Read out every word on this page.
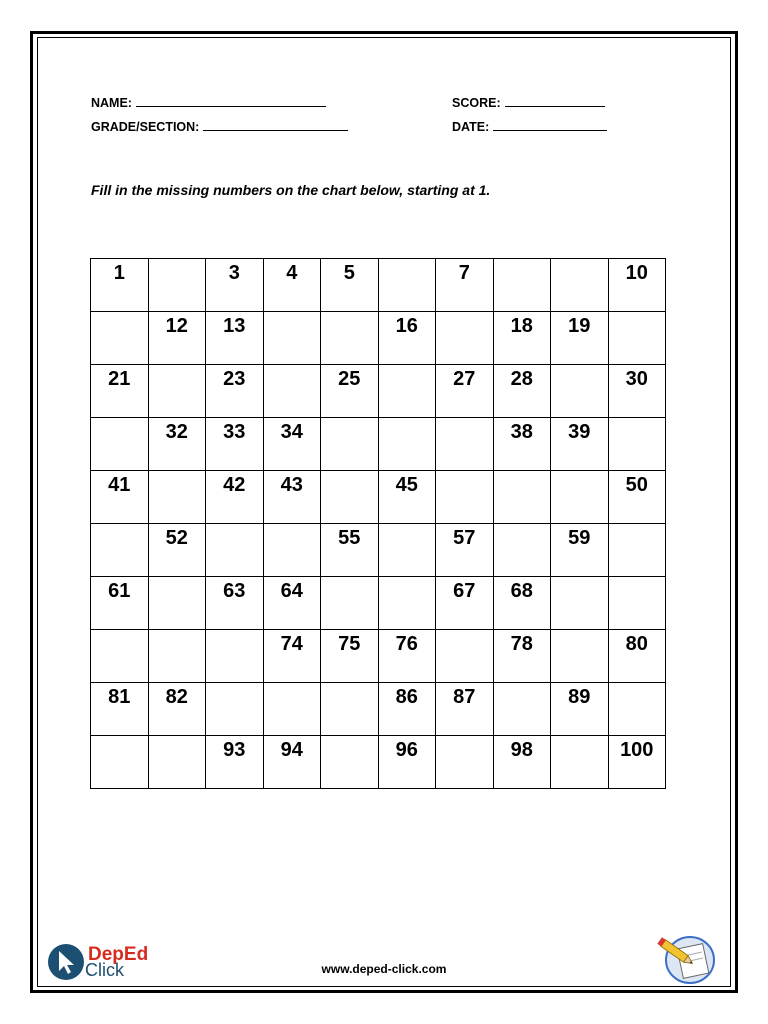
NAME:	SCORE:
GRADE/SECTION:	DATE:
Fill in the missing numbers on the chart below, starting at 1.
1		3	4	5		7			10
	12	13			16		18	19	
21		23		25		27	28		30
	32	33	34				38	39	
41		42	43		45				50
	52			55		57		59	
61		63	64			67	68		
			74	75	76		78		80
81	82				86	87		89	
		93	94		96		98		100
DepEd
Click	www.deped-click.com
